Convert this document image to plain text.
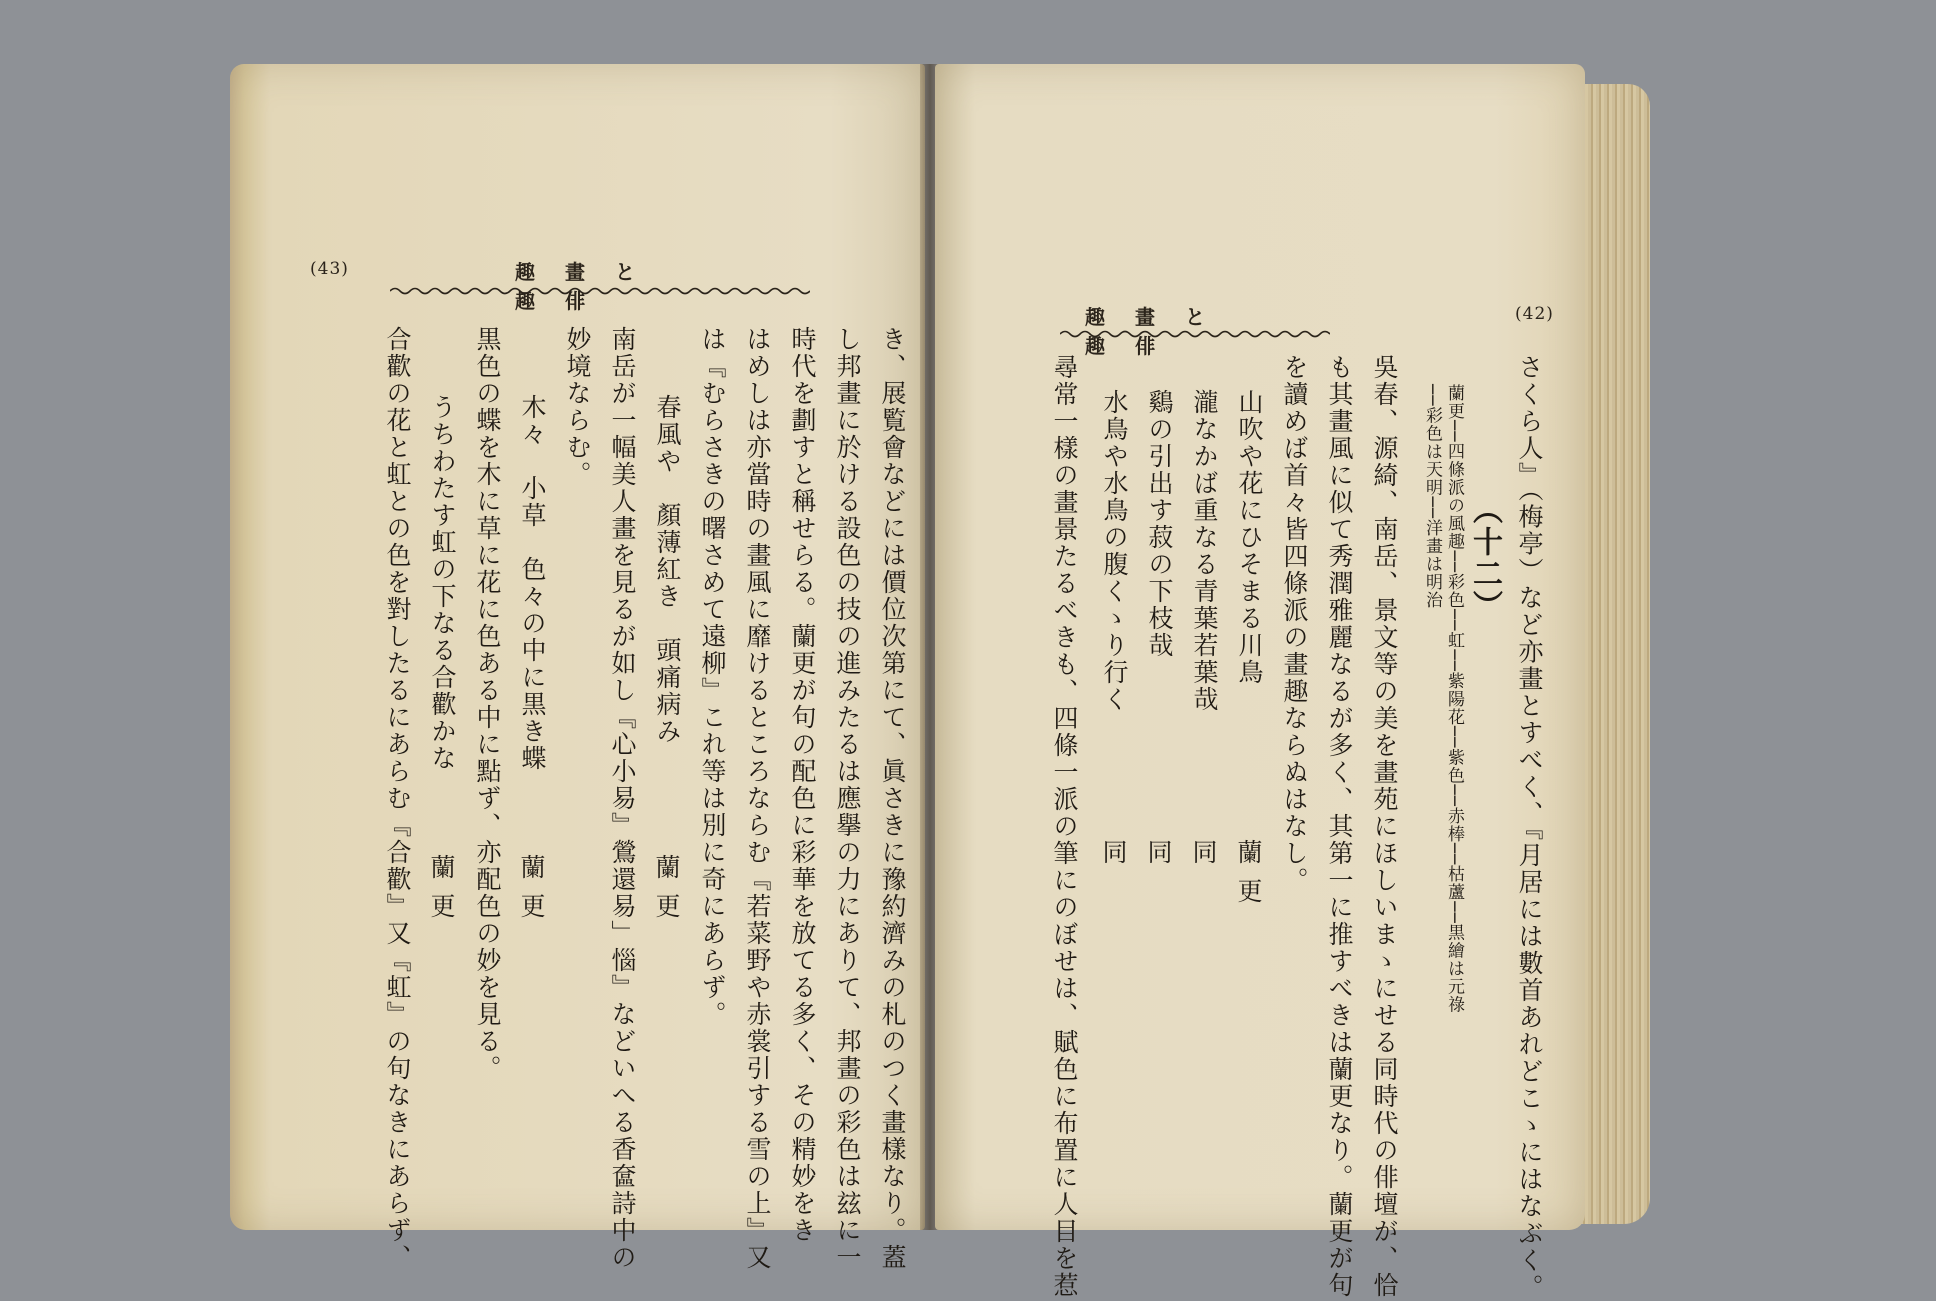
(43)	趣畫と趣俳
き、展覧會などには價位次第にて、眞さきに豫約濟みの札のつく畫樣なり。蓋
し邦畫に於ける設色の技の進みたるは應擧の力にありて、邦畫の彩色は玆に一
時代を劃すと稱せらる。蘭更が句の配色に彩華を放てる多く、その精妙をき
はめしは亦當時の畫風に靡けるところならむ『若菜野や赤裳引する雪の上』又
は『むらさきの曙さめて遠柳』これ等は別に奇にあらず。
春風や　顏薄紅き　頭痛病み
蘭更
南岳が一幅美人畫を見るが如し『心小易』鶯還易」惱』などいへる香奩詩中の
妙境ならむ。
木々　小草　色々の中に黒き蝶
蘭更
黒色の蝶を木に草に花に色ある中に點ず、亦配色の妙を見る。
うちわたす虹の下なる合歡かな
蘭更
合歡の花と虹との色を對したるにあらむ『合歡』又『虹』の句なきにあらず、
(42)
趣畫と趣俳
さくら人』（梅亭）など亦畫とすべく、『月居には數首あれどこゝにはなぶく。
（十二）
蘭更──四條派の風趣──彩色──虹──紫陽花──紫色──赤棒──枯蘆──黒繪は元祿
──彩色は天明──洋畫は明治
吳春、源綺、南岳、景文等の美を畫苑にほしいまゝにせる同時代の俳壇が、恰
も其畫風に似て秀潤雅麗なるが多く、其第一に推すべきは蘭更なり。蘭更が句
を讀めば首々皆四條派の畫趣ならぬはなし。
山吹や花にひそまる川鳥
蘭更
瀧なかば重なる青葉若葉哉
同
鷄の引出す菽の下枝哉
同
水鳥や水鳥の腹くゝり行く
同
尋常一樣の畫景たるべきも、四條一派の筆にのぼせは、賦色に布置に人目を惹
